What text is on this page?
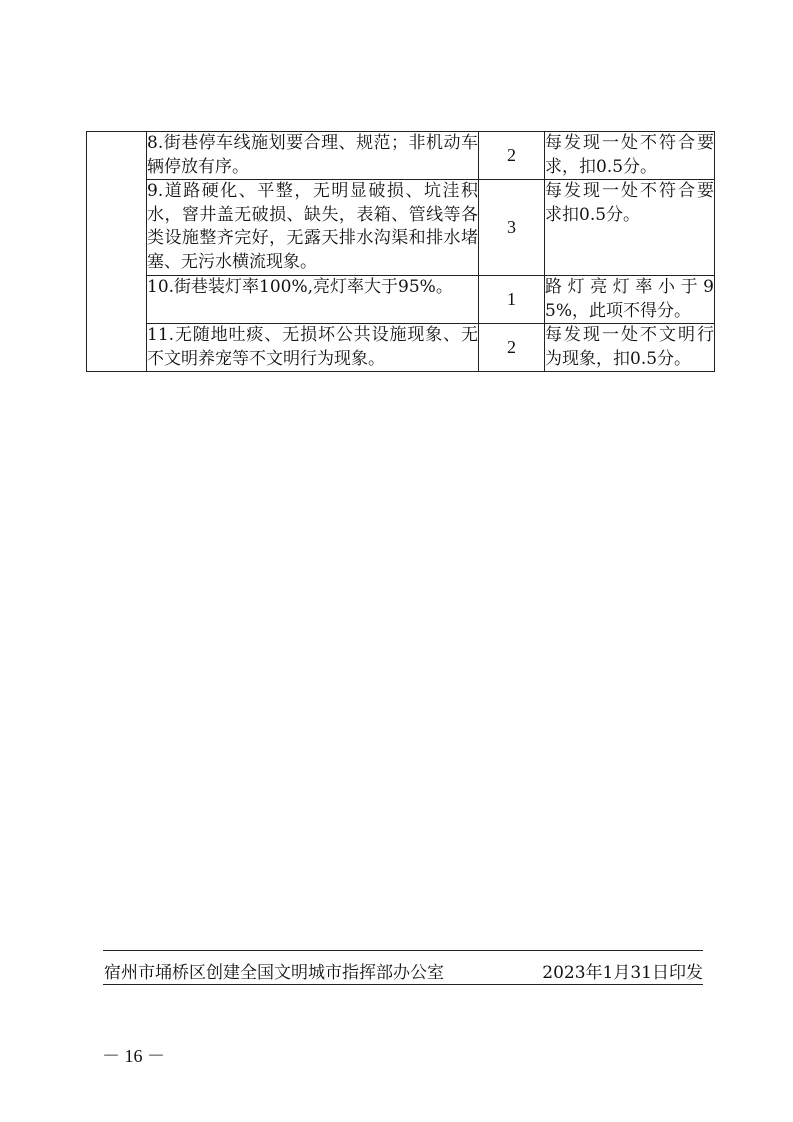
	8.街巷停车线施划要合理、规范；非机动车辆停放有序。	2	每发现一处不符合要求，扣0.5分。
	9.道路硬化、平整，无明显破损、坑洼积水，窨井盖无破损、缺失，表箱、管线等各类设施整齐完好，无露天排水沟渠和排水堵塞、无污水横流现象。	3	每发现一处不符合要求扣0.5分。
	10.街巷装灯率100%,亮灯率大于95%。	1	路灯亮灯率小于95%，此项不得分。
	11.无随地吐痰、无损坏公共设施现象、无不文明养宠等不文明行为现象。	2	每发现一处不文明行为现象，扣0.5分。
宿州市埇桥区创建全国文明城市指挥部办公室	2023年1月31日印发
－ 16 －
